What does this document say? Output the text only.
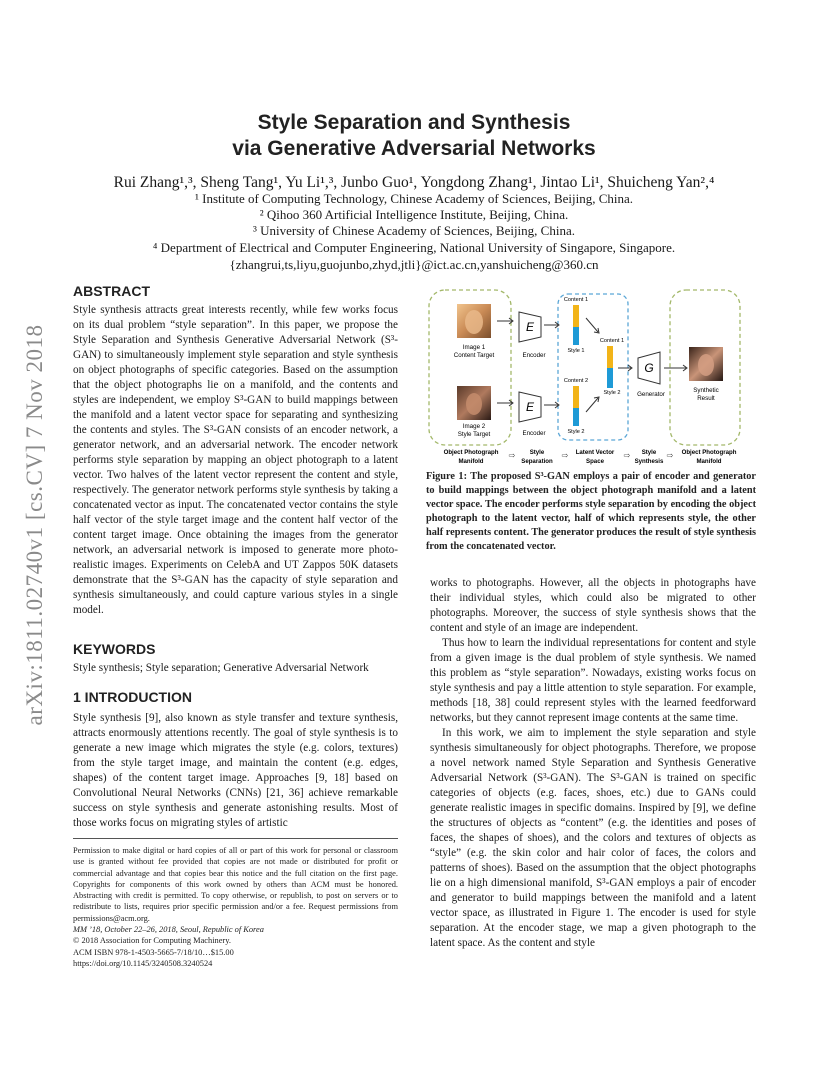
arXiv:1811.02740v1 [cs.CV] 7 Nov 2018
Style Separation and Synthesis
via Generative Adversarial Networks
Rui Zhang¹,³, Sheng Tang¹, Yu Li¹,³, Junbo Guo¹, Yongdong Zhang¹, Jintao Li¹, Shuicheng Yan²,⁴
¹ Institute of Computing Technology, Chinese Academy of Sciences, Beijing, China.
² Qihoo 360 Artificial Intelligence Institute, Beijing, China.
³ University of Chinese Academy of Sciences, Beijing, China.
⁴ Department of Electrical and Computer Engineering, National University of Singapore, Singapore.
{zhangrui,ts,liyu,guojunbo,zhyd,jtli}@ict.ac.cn,yanshuicheng@360.cn
ABSTRACT

Style synthesis attracts great interests recently, while few works focus on its dual problem “style separation”. In this paper, we propose the Style Separation and Synthesis Generative Adversarial Network (S³-GAN) to simultaneously implement style separation and style synthesis on object photographs of specific categories. Based on the assumption that the object photographs lie on a manifold, and the contents and styles are independent, we employ S³-GAN to build mappings between the manifold and a latent vector space for separating and synthesizing the contents and styles. The S³-GAN consists of an encoder network, a generator network, and an adversarial network. The encoder network performs style separation by mapping an object photograph to a latent vector. Two halves of the latent vector represent the content and style, respectively. The generator network performs style synthesis by taking a concatenated vector as input. The concatenated vector contains the style half vector of the style target image and the content half vector of the content target image. Once obtaining the images from the generator network, an adversarial network is imposed to generate more photo-realistic images. Experiments on CelebA and UT Zappos 50K datasets demonstrate that the S³-GAN has the capacity of style separation and synthesis simultaneously, and could capture various styles in a single model.

KEYWORDS

Style synthesis; Style separation; Generative Adversarial Network

1 INTRODUCTION

Style synthesis [9], also known as style transfer and texture synthesis, attracts enormously attentions recently. The goal of style synthesis is to generate a new image which migrates the style (e.g. colors, textures) from the style target image, and maintain the content (e.g. edges, shapes) of the content target image. Approaches [9, 18] based on Convolutional Neural Networks (CNNs) [21, 36] achieve remarkable success on style synthesis and generate astonishing results. Most of those works focus on migrating styles of artistic

Permission to make digital or hard copies of all or part of this work for personal or classroom use is granted without fee provided that copies are not made or distributed for profit or commercial advantage and that copies bear this notice and the full citation on the first page. Copyrights for components of this work owned by others than ACM must be honored. Abstracting with credit is permitted. To copy otherwise, or republish, to post on servers or to redistribute to lists, requires prior specific permission and/or a fee. Request permissions from permissions@acm.org.
MM ’18, October 22–26, 2018, Seoul, Republic of Korea
© 2018 Association for Computing Machinery.
ACM ISBN 978-1-4503-5665-7/18/10…$15.00
https://doi.org/10.1145/3240508.3240524
Image 1
Content Target
Image 2
Style Target
E
Encoder
E
Encoder
Content 1
Style 1
Content 2
Style 2
Content 1
Style 2
G
Generator
Synthetic
Result
Object Photograph
Manifold
⇨ Style
Separation
⇨ Latent Vector
Space
⇨ Style
Synthesis
⇨ Object Photograph
Manifold
Figure 1: The proposed S³-GAN employs a pair of encoder and generator to build mappings between the object photograph manifold and a latent vector space. The encoder performs style separation by encoding the object photograph to the latent vector, half of which represents style, the other half represents content. The generator produces the result of style synthesis from the concatenated vector.

works to photographs. However, all the objects in photographs have their individual styles, which could also be migrated to other photographs. Moreover, the success of style synthesis shows that the content and style of an image are independent.

Thus how to learn the individual representations for content and style from a given image is the dual problem of style synthesis. We named this problem as “style separation”. Nowadays, existing works focus on style synthesis and pay a little attention to style separation. For example, methods [18, 38] could represent styles with the learned feedforward networks, but they cannot represent image contents at the same time.

In this work, we aim to implement the style separation and style synthesis simultaneously for object photographs. Therefore, we propose a novel network named Style Separation and Synthesis Generative Adversarial Network (S³-GAN). The S³-GAN is trained on specific categories of objects (e.g. faces, shoes, etc.) due to GANs could generate realistic images in specific domains. Inspired by [9], we define the structures of objects as “content” (e.g. the identities and poses of faces, the shapes of shoes), and the colors and textures of objects as “style” (e.g. the skin color and hair color of faces, the colors and patterns of shoes). Based on the assumption that the object photographs lie on a high dimensional manifold, S³-GAN employs a pair of encoder and generator to build mappings between the manifold and a latent vector space, as illustrated in Figure 1. The encoder is used for style separation. At the encoder stage, we map a given photograph to the latent space. As the content and style
